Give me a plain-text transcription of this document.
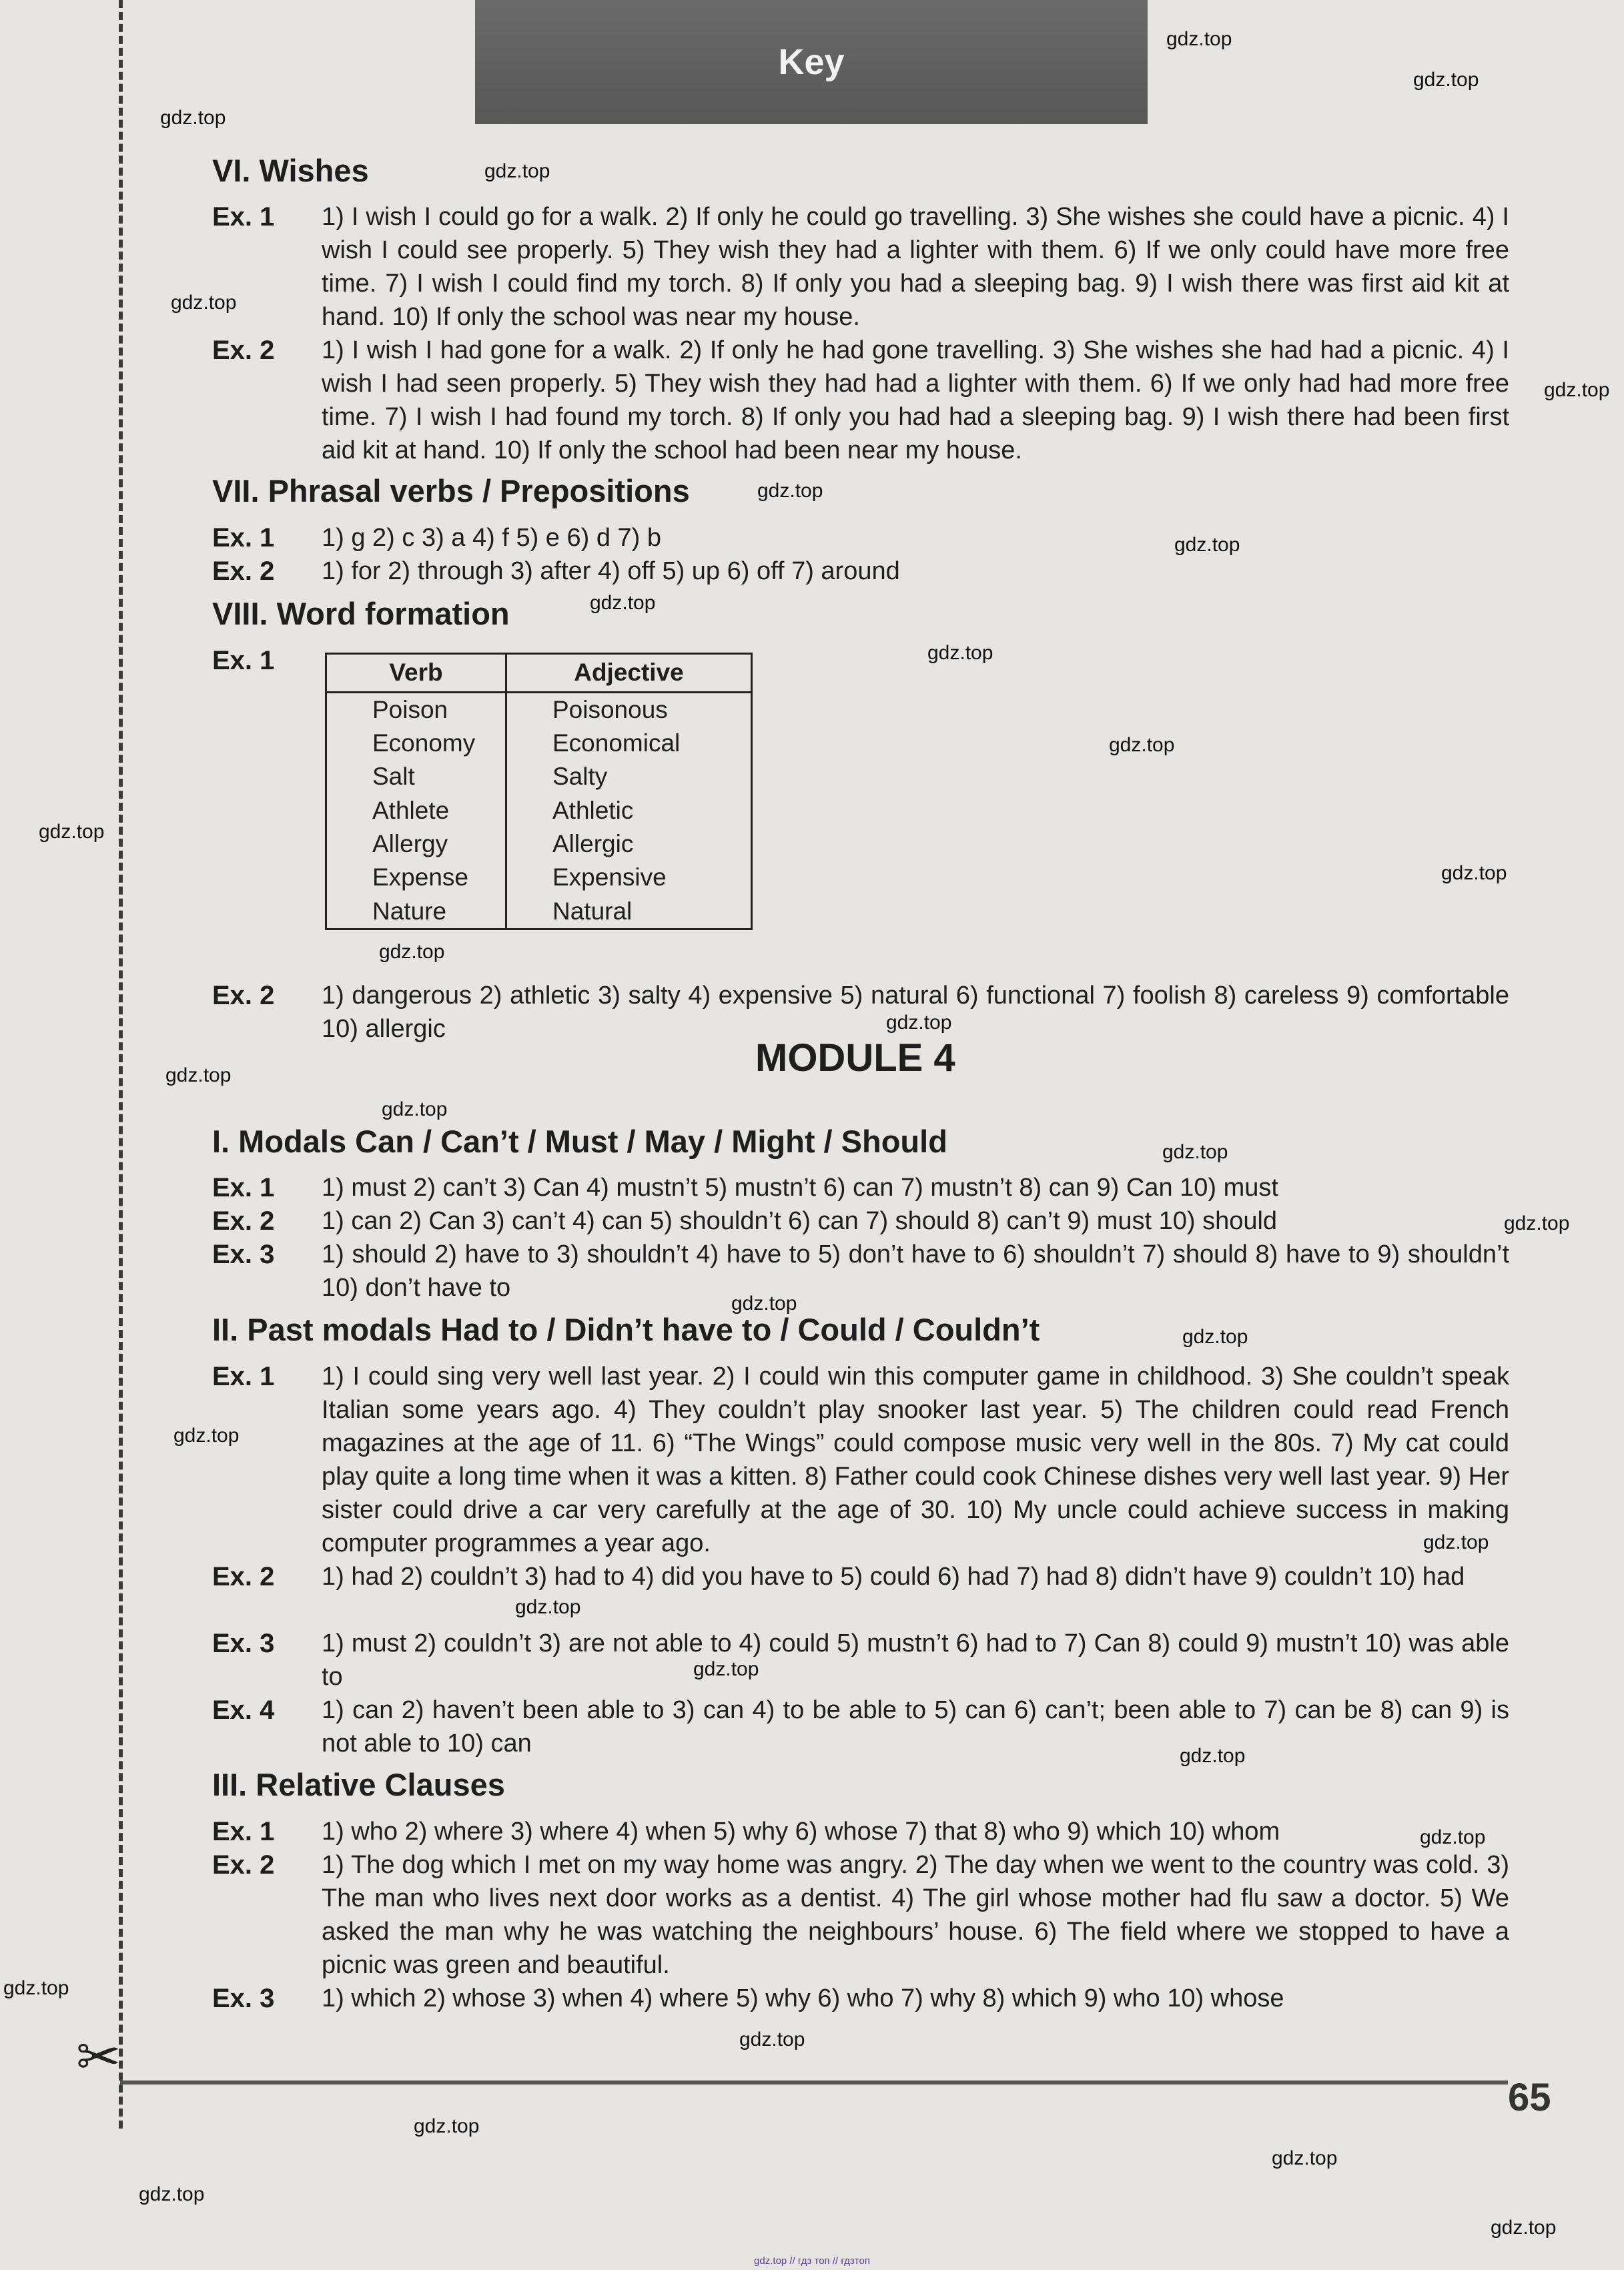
Key
gdz.top
gdz.top
gdz.top
gdz.top
gdz.top
gdz.top
gdz.top
gdz.top
gdz.top
gdz.top
gdz.top
gdz.top
gdz.top
gdz.top
gdz.top
gdz.top
gdz.top
gdz.top
gdz.top
gdz.top
gdz.top
gdz.top
gdz.top
gdz.top
gdz.top
gdz.top
gdz.top
gdz.top
gdz.top
gdz.top
gdz.top
gdz.top
gdz.top
VI. Wishes
Ex. 1 1) I wish I could go for a walk. 2) If only he could go travelling. 3) She wishes she could have a picnic. 4) I wish I could see properly. 5) They wish they had a lighter with them. 6) If we only could have more free time. 7) I wish I could find my torch. 8) If only you had a sleeping bag. 9) I wish there was first aid kit at hand. 10) If only the school was near my house.
Ex. 2 1) I wish I had gone for a walk. 2) If only he had gone travelling. 3) She wishes she had had a picnic. 4) I wish I had seen properly. 5) They wish they had had a lighter with them. 6) If we only had had more free time. 7) I wish I had found my torch. 8) If only you had had a sleeping bag. 9) I wish there had been first aid kit at hand. 10) If only the school had been near my house.
VII. Phrasal verbs / Prepositions
Ex. 1 1) g 2) c 3) a 4) f 5) e 6) d 7) b
Ex. 2 1) for 2) through 3) after 4) off 5) up 6) off 7) around
VIII. Word formation
Ex. 1	Verb	Adjective
Poison	Poisonous
Economy	Economical
Salt	Salty
Athlete	Athletic
Allergy	Allergic
Expense	Expensive
Nature	Natural
Ex. 2 1) dangerous 2) athletic 3) salty 4) expensive 5) natural 6) functional 7) foolish 8) careless 9) comfortable 10) allergic
MODULE 4
I. Modals Can / Can’t / Must / May / Might / Should
Ex. 1 1) must 2) can’t 3) Can 4) mustn’t 5) mustn’t 6) can 7) mustn’t 8) can 9) Can 10) must
Ex. 2 1) can 2) Can 3) can’t 4) can 5) shouldn’t 6) can 7) should 8) can’t 9) must 10) should
Ex. 3 1) should 2) have to 3) shouldn’t 4) have to 5) don’t have to 6) shouldn’t 7) should 8) have to 9) shouldn’t 10) don’t have to
II. Past modals Had to / Didn’t have to / Could / Couldn’t
Ex. 1 1) I could sing very well last year. 2) I could win this computer game in childhood. 3) She couldn’t speak Italian some years ago. 4) They couldn’t play snooker last year. 5) The children could read French magazines at the age of 11. 6) “The Wings” could compose music very well in the 80s. 7) My cat could play quite a long time when it was a kitten. 8) Father could cook Chinese dishes very well last year. 9) Her sister could drive a car very carefully at the age of 30. 10) My uncle could achieve success in making computer programmes a year ago.
Ex. 2 1) had 2) couldn’t 3) had to 4) did you have to 5) could 6) had 7) had 8) didn’t have 9) couldn’t 10) had
Ex. 3 1) must 2) couldn’t 3) are not able to 4) could 5) mustn’t 6) had to 7) Can 8) could 9) mustn’t 10) was able to
Ex. 4 1) can 2) haven’t been able to 3) can 4) to be able to 5) can 6) can’t; been able to 7) can be 8) can 9) is not able to 10) can
III. Relative Clauses
Ex. 1 1) who 2) where 3) where 4) when 5) why 6) whose 7) that 8) who 9) which 10) whom
Ex. 2 1) The dog which I met on my way home was angry. 2) The day when we went to the country was cold. 3) The man who lives next door works as a dentist. 4) The girl whose mother had flu saw a doctor. 5) We asked the man why he was watching the neighbours’ house. 6) The field where we stopped to have a picnic was green and beautiful.
Ex. 3 1) which 2) whose 3) when 4) where 5) why 6) who 7) why 8) which 9) who 10) whose
✂
65
gdz.top // гдз топ // гдзтоп
